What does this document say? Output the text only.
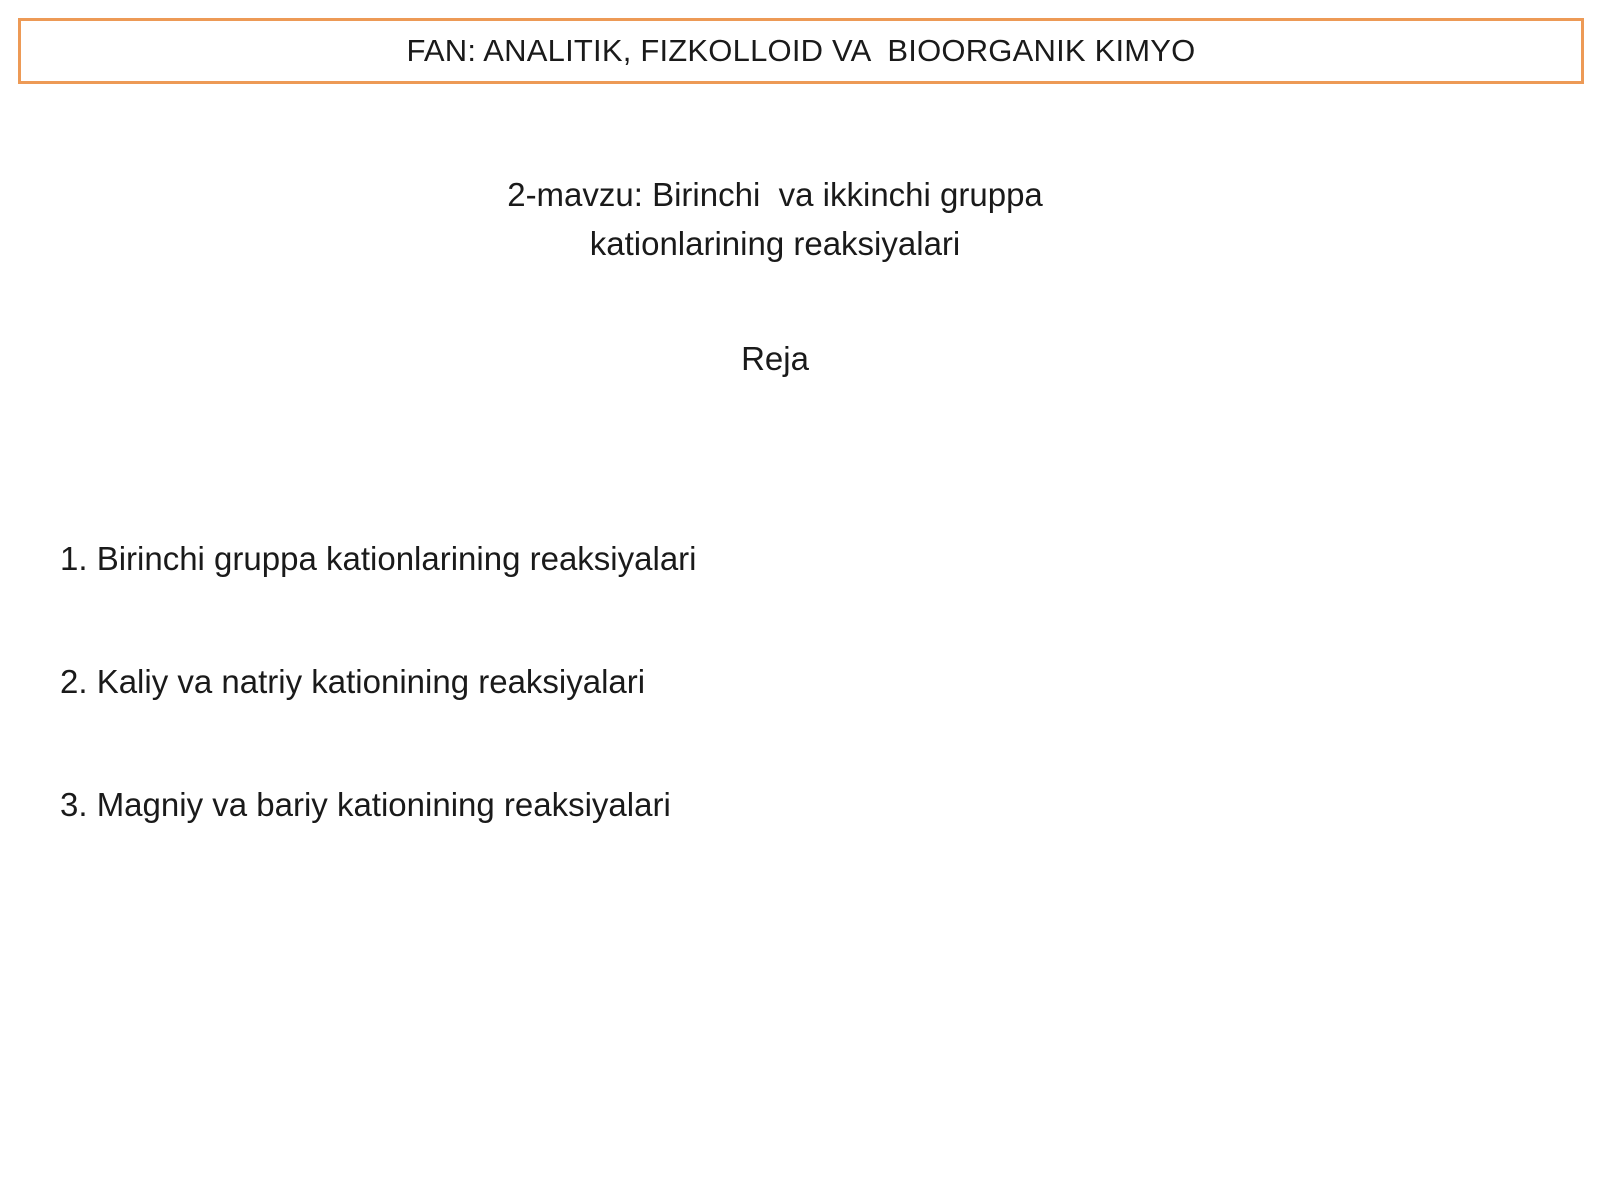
FAN: ANALITIK, FIZKOLLOID VA  BIOORGANIK KIMYO
2-mavzu: Birinchi  va ikkinchi gruppa
kationlarining reaksiyalari
Reja
1. Birinchi gruppa kationlarining reaksiyalari
2. Kaliy va natriy kationining reaksiyalari
3. Magniy va bariy kationining reaksiyalari
